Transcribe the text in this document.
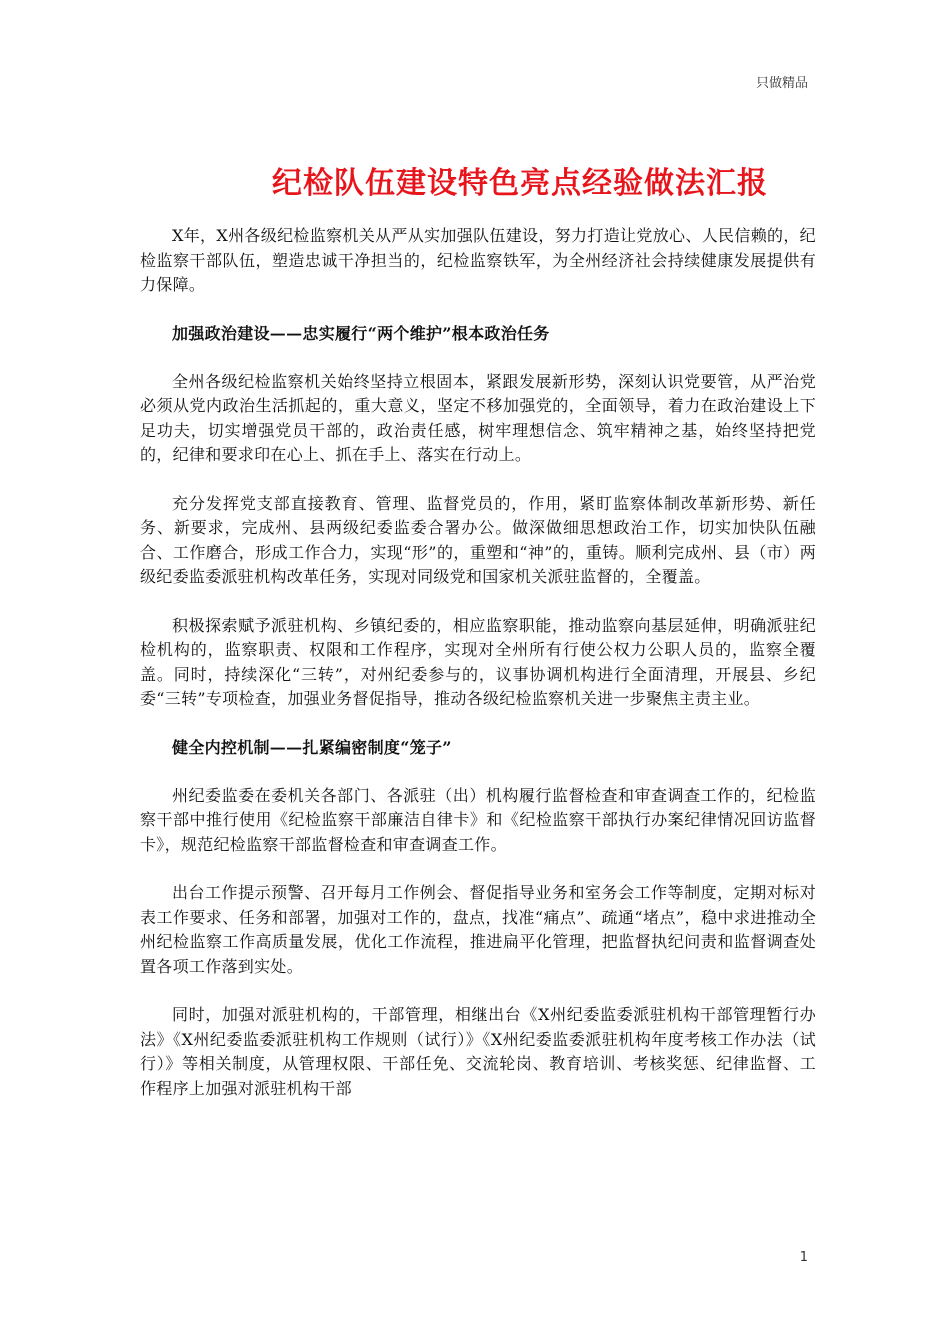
只做精品
纪检队伍建设特色亮点经验做法汇报

X年，X州各级纪检监察机关从严从实加强队伍建设，努力打造让党放心、人民信赖的，纪检监察干部队伍，塑造忠诚干净担当的，纪检监察铁军，为全州经济社会持续健康发展提供有力保障。

加强政治建设——忠实履行“两个维护”根本政治任务

全州各级纪检监察机关始终坚持立根固本，紧跟发展新形势，深刻认识党要管，从严治党必须从党内政治生活抓起的，重大意义，坚定不移加强党的，全面领导，着力在政治建设上下足功夫，切实增强党员干部的，政治责任感，树牢理想信念、筑牢精神之基，始终坚持把党的，纪律和要求印在心上、抓在手上、落实在行动上。

充分发挥党支部直接教育、管理、监督党员的，作用，紧盯监察体制改革新形势、新任务、新要求，完成州、县两级纪委监委合署办公。做深做细思想政治工作，切实加快队伍融合、工作磨合，形成工作合力，实现“形”的，重塑和“神”的，重铸。顺利完成州、县（市）两级纪委监委派驻机构改革任务，实现对同级党和国家机关派驻监督的，全覆盖。

积极探索赋予派驻机构、乡镇纪委的，相应监察职能，推动监察向基层延伸，明确派驻纪检机构的，监察职责、权限和工作程序，实现对全州所有行使公权力公职人员的，监察全覆盖。同时，持续深化“三转”，对州纪委参与的，议事协调机构进行全面清理，开展县、乡纪委“三转”专项检查，加强业务督促指导，推动各级纪检监察机关进一步聚焦主责主业。

健全内控机制——扎紧编密制度“笼子”

州纪委监委在委机关各部门、各派驻（出）机构履行监督检查和审查调查工作的，纪检监察干部中推行使用《纪检监察干部廉洁自律卡》和《纪检监察干部执行办案纪律情况回访监督卡》，规范纪检监察干部监督检查和审查调查工作。

出台工作提示预警、召开每月工作例会、督促指导业务和室务会工作等制度，定期对标对表工作要求、任务和部署，加强对工作的，盘点，找准“痛点”、疏通“堵点”，稳中求进推动全州纪检监察工作高质量发展，优化工作流程，推进扁平化管理，把监督执纪问责和监督调查处置各项工作落到实处。

同时，加强对派驻机构的，干部管理，相继出台《X州纪委监委派驻机构干部管理暂行办法》《X州纪委监委派驻机构工作规则（试行）》《X州纪委监委派驻机构年度考核工作办法（试行）》等相关制度，从管理权限、干部任免、交流轮岗、教育培训、考核奖惩、纪律监督、工作程序上加强对派驻机构干部

1
